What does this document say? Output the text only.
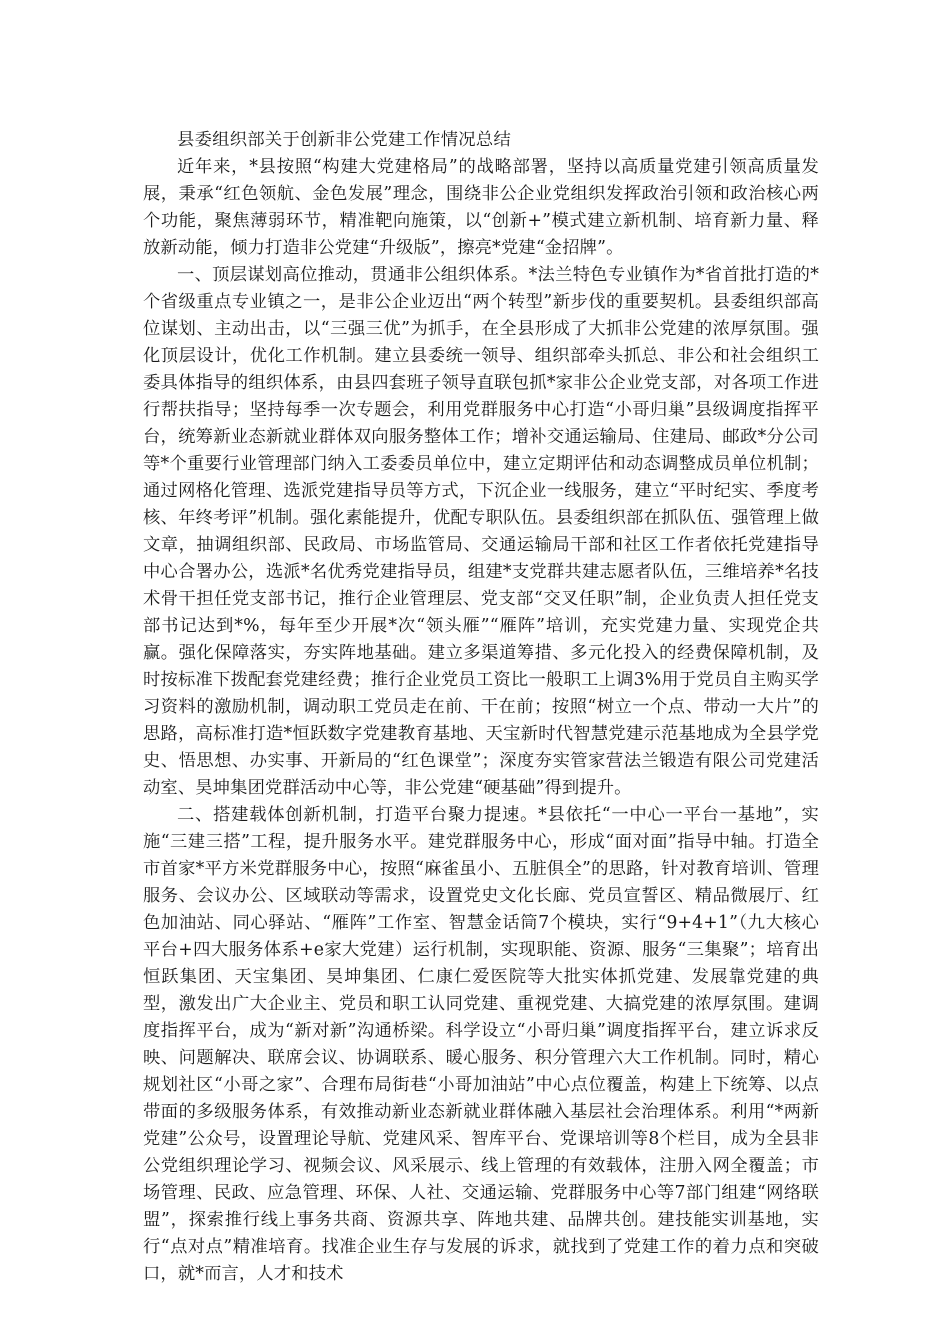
县委组织部关于创新非公党建工作情况总结

近年来，*县按照“构建大党建格局”的战略部署，坚持以高质量党建引领高质量发展，秉承“红色领航、金色发展”理念，围绕非公企业党组织发挥政治引领和政治核心两个功能，聚焦薄弱环节，精准靶向施策，以“创新+”模式建立新机制、培育新力量、释放新动能，倾力打造非公党建“升级版”，擦亮*党建“金招牌”。

一、顶层谋划高位推动，贯通非公组织体系。*法兰特色专业镇作为*省首批打造的*个省级重点专业镇之一，是非公企业迈出“两个转型”新步伐的重要契机。县委组织部高位谋划、主动出击，以“三强三优”为抓手，在全县形成了大抓非公党建的浓厚氛围。强化顶层设计，优化工作机制。建立县委统一领导、组织部牵头抓总、非公和社会组织工委具体指导的组织体系，由县四套班子领导直联包抓*家非公企业党支部，对各项工作进行帮扶指导；坚持每季一次专题会，利用党群服务中心打造“小哥归巢”县级调度指挥平台，统筹新业态新就业群体双向服务整体工作；增补交通运输局、住建局、邮政*分公司等*个重要行业管理部门纳入工委委员单位中，建立定期评估和动态调整成员单位机制；通过网格化管理、选派党建指导员等方式，下沉企业一线服务，建立“平时纪实、季度考核、年终考评”机制。强化素能提升，优配专职队伍。县委组织部在抓队伍、强管理上做文章，抽调组织部、民政局、市场监管局、交通运输局干部和社区工作者依托党建指导中心合署办公，选派*名优秀党建指导员，组建*支党群共建志愿者队伍，三维培养*名技术骨干担任党支部书记，推行企业管理层、党支部“交叉任职”制，企业负责人担任党支部书记达到*%，每年至少开展*次“领头雁”“雁阵”培训，充实党建力量、实现党企共赢。强化保障落实，夯实阵地基础。建立多渠道筹措、多元化投入的经费保障机制，及时按标准下拨配套党建经费；推行企业党员工资比一般职工上调3%用于党员自主购买学习资料的激励机制，调动职工党员走在前、干在前；按照“树立一个点、带动一大片”的思路，高标准打造*恒跃数字党建教育基地、天宝新时代智慧党建示范基地成为全县学党史、悟思想、办实事、开新局的“红色课堂”；深度夯实管家营法兰锻造有限公司党建活动室、昊坤集团党群活动中心等，非公党建“硬基础”得到提升。

二、搭建载体创新机制，打造平台聚力提速。*县依托“一中心一平台一基地”，实施“三建三搭”工程，提升服务水平。建党群服务中心，形成“面对面”指导中轴。打造全市首家*平方米党群服务中心，按照“麻雀虽小、五脏俱全”的思路，针对教育培训、管理服务、会议办公、区域联动等需求，设置党史文化长廊、党员宣誓区、精品微展厅、红色加油站、同心驿站、“雁阵”工作室、智慧金话筒7个模块，实行“9+4+1”（九大核心平台+四大服务体系+e家大党建）运行机制，实现职能、资源、服务“三集聚”；培育出恒跃集团、天宝集团、昊坤集团、仁康仁爱医院等大批实体抓党建、发展靠党建的典型，激发出广大企业主、党员和职工认同党建、重视党建、大搞党建的浓厚氛围。建调度指挥平台，成为“新对新”沟通桥梁。科学设立“小哥归巢”调度指挥平台，建立诉求反映、问题解决、联席会议、协调联系、暖心服务、积分管理六大工作机制。同时，精心规划社区“小哥之家”、合理布局街巷“小哥加油站”中心点位覆盖，构建上下统筹、以点带面的多级服务体系，有效推动新业态新就业群体融入基层社会治理体系。利用“*两新党建”公众号，设置理论导航、党建风采、智库平台、党课培训等8个栏目，成为全县非公党组织理论学习、视频会议、风采展示、线上管理的有效载体，注册入网全覆盖；市场管理、民政、应急管理、环保、人社、交通运输、党群服务中心等7部门组建“网络联盟”，探索推行线上事务共商、资源共享、阵地共建、品牌共创。建技能实训基地，实行“点对点”精准培育。找准企业生存与发展的诉求，就找到了党建工作的着力点和突破口，就*而言，人才和技术
